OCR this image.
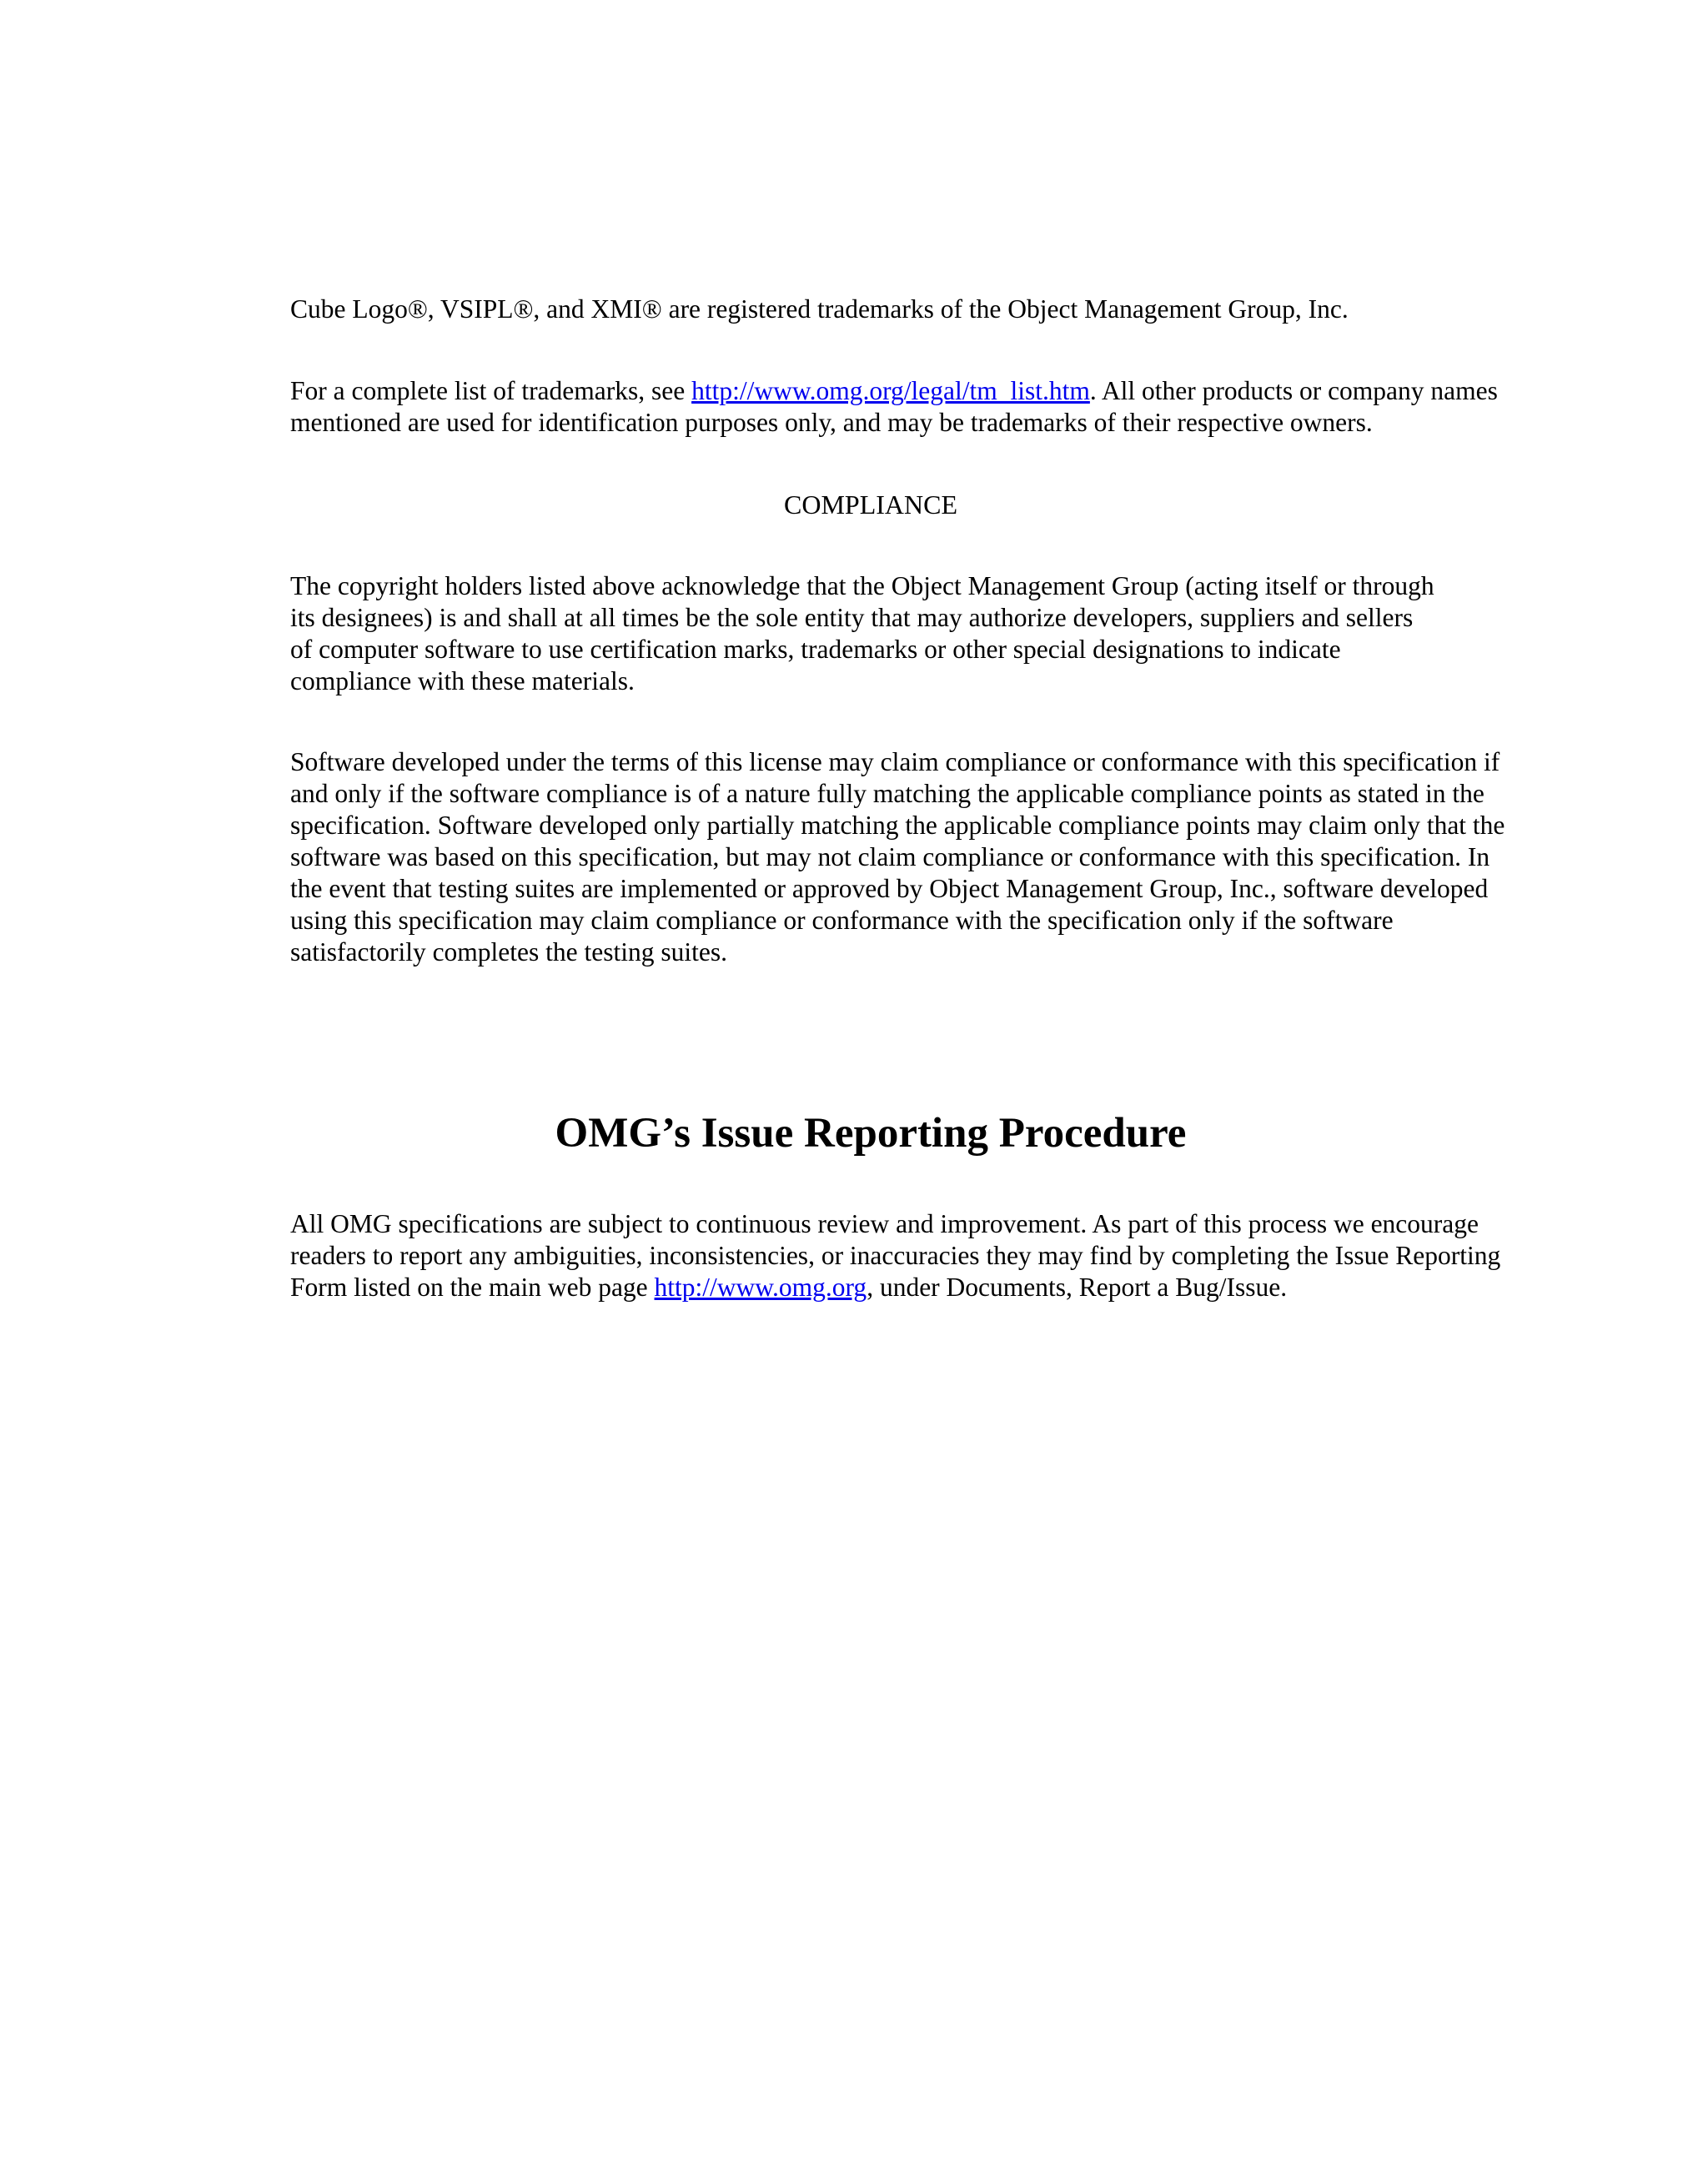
Cube Logo®, VSIPL®, and XMI® are registered trademarks of the Object Management Group, Inc.

For a complete list of trademarks, see http://www.omg.org/legal/tm_list.htm. All other products or company names
mentioned are used for identification purposes only, and may be trademarks of their respective owners.

COMPLIANCE

The copyright holders listed above acknowledge that the Object Management Group (acting itself or through
its designees) is and shall at all times be the sole entity that may authorize developers, suppliers and sellers
of computer software to use certification marks, trademarks or other special designations to indicate
compliance with these materials.

Software developed under the terms of this license may claim compliance or conformance with this specification if
and only if the software compliance is of a nature fully matching the applicable compliance points as stated in the
specification. Software developed only partially matching the applicable compliance points may claim only that the
software was based on this specification, but may not claim compliance or conformance with this specification. In
the event that testing suites are implemented or approved by Object Management Group, Inc., software developed
using this specification may claim compliance or conformance with the specification only if the software
satisfactorily completes the testing suites.

OMG’s Issue Reporting Procedure

All OMG specifications are subject to continuous review and improvement. As part of this process we encourage
readers to report any ambiguities, inconsistencies, or inaccuracies they may find by completing the Issue Reporting
Form listed on the main web page http://www.omg.org, under Documents, Report a Bug/Issue.
